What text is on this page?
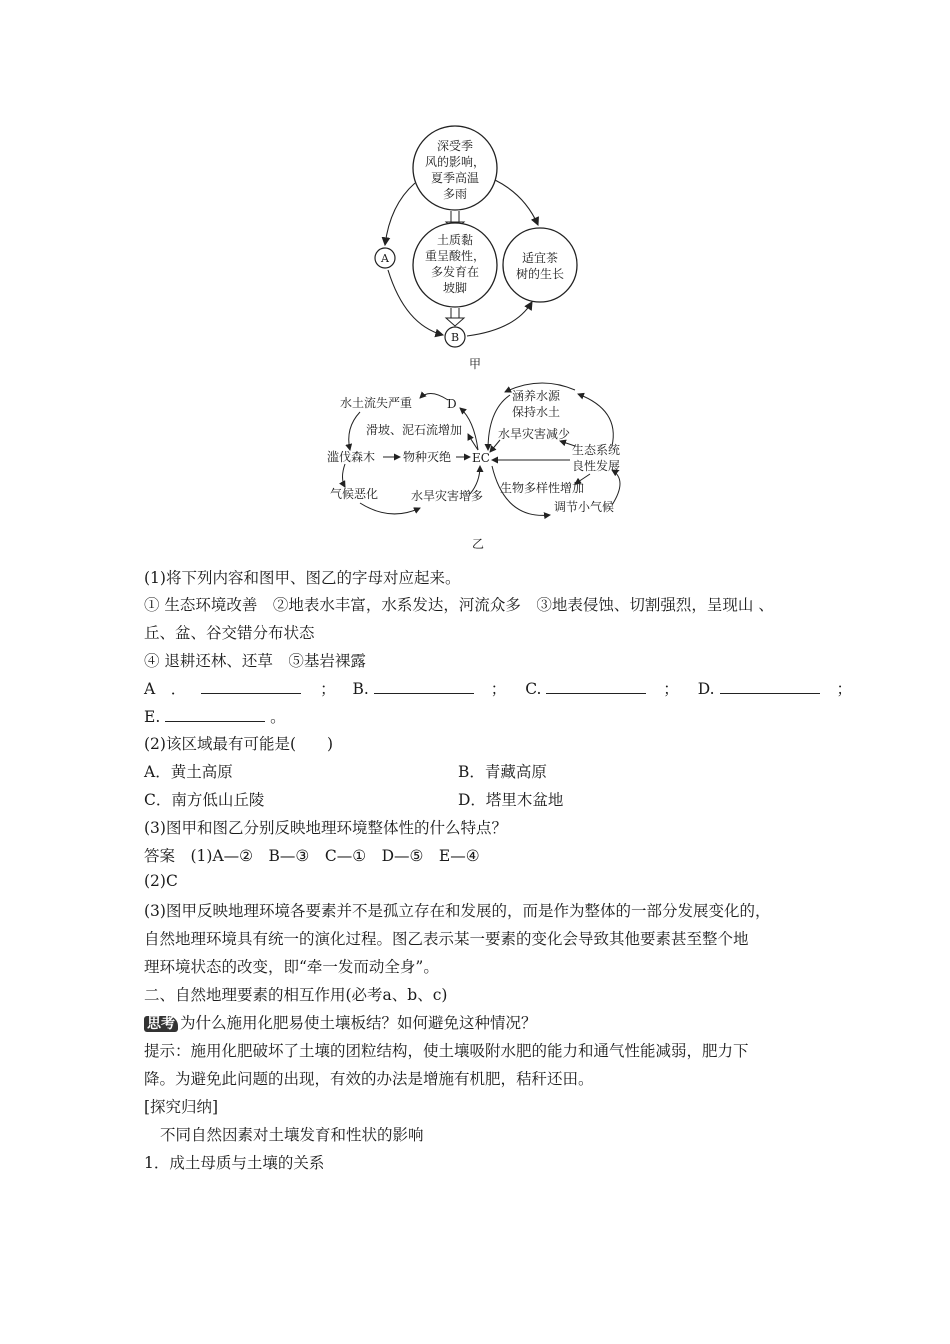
深受季
风的影响，
夏季高温
多雨
土质黏
重呈酸性，
多发育在
坡脚
适宜茶
树的生长
A
B
甲
水土流失严重	D
滑坡、泥石流增加
滥伐森木 物种灭绝 EC
气候恶化	水旱灾害增多
涵养水源
保持水土
水旱灾害减少
生态系统
良性发展
生物多样性增加
调节小气候
乙
(1)将下列内容和图甲、图乙的字母对应起来。
① 生态环境改善　②地表水丰富，水系发达，河流众多　③地表侵蚀、切割强烈，呈现山 、
丘、盆、谷交错分布状态
④ 退耕还林、还草　⑤基岩裸露
A　．	； B.	； C.	； D.	；
E.	。
(2)该区域最有可能是(　　)
A．黄土高原	B．青藏高原
C．南方低山丘陵	D．塔里木盆地
(3)图甲和图乙分别反映地理环境整体性的什么特点？
答案　(1)A—②　B—③　C—①　D—⑤　E—④
(2)C
(3)图甲反映地理环境各要素并不是孤立存在和发展的，而是作为整体的一部分发展变化的，
自然地理环境具有统一的演化过程。图乙表示某一要素的变化会导致其他要素甚至整个地
理环境状态的改变，即“牵一发而动全身”。
二、自然地理要素的相互作用(必考a、b、c)
思考 为什么施用化肥易使土壤板结？如何避免这种情况？
提示：施用化肥破坏了土壤的团粒结构，使土壤吸附水肥的能力和通气性能减弱，肥力下
降。为避免此问题的出现，有效的办法是增施有机肥，秸秆还田。
[探究归纳]
不同自然因素对土壤发育和性状的影响
1．成土母质与土壤的关系
